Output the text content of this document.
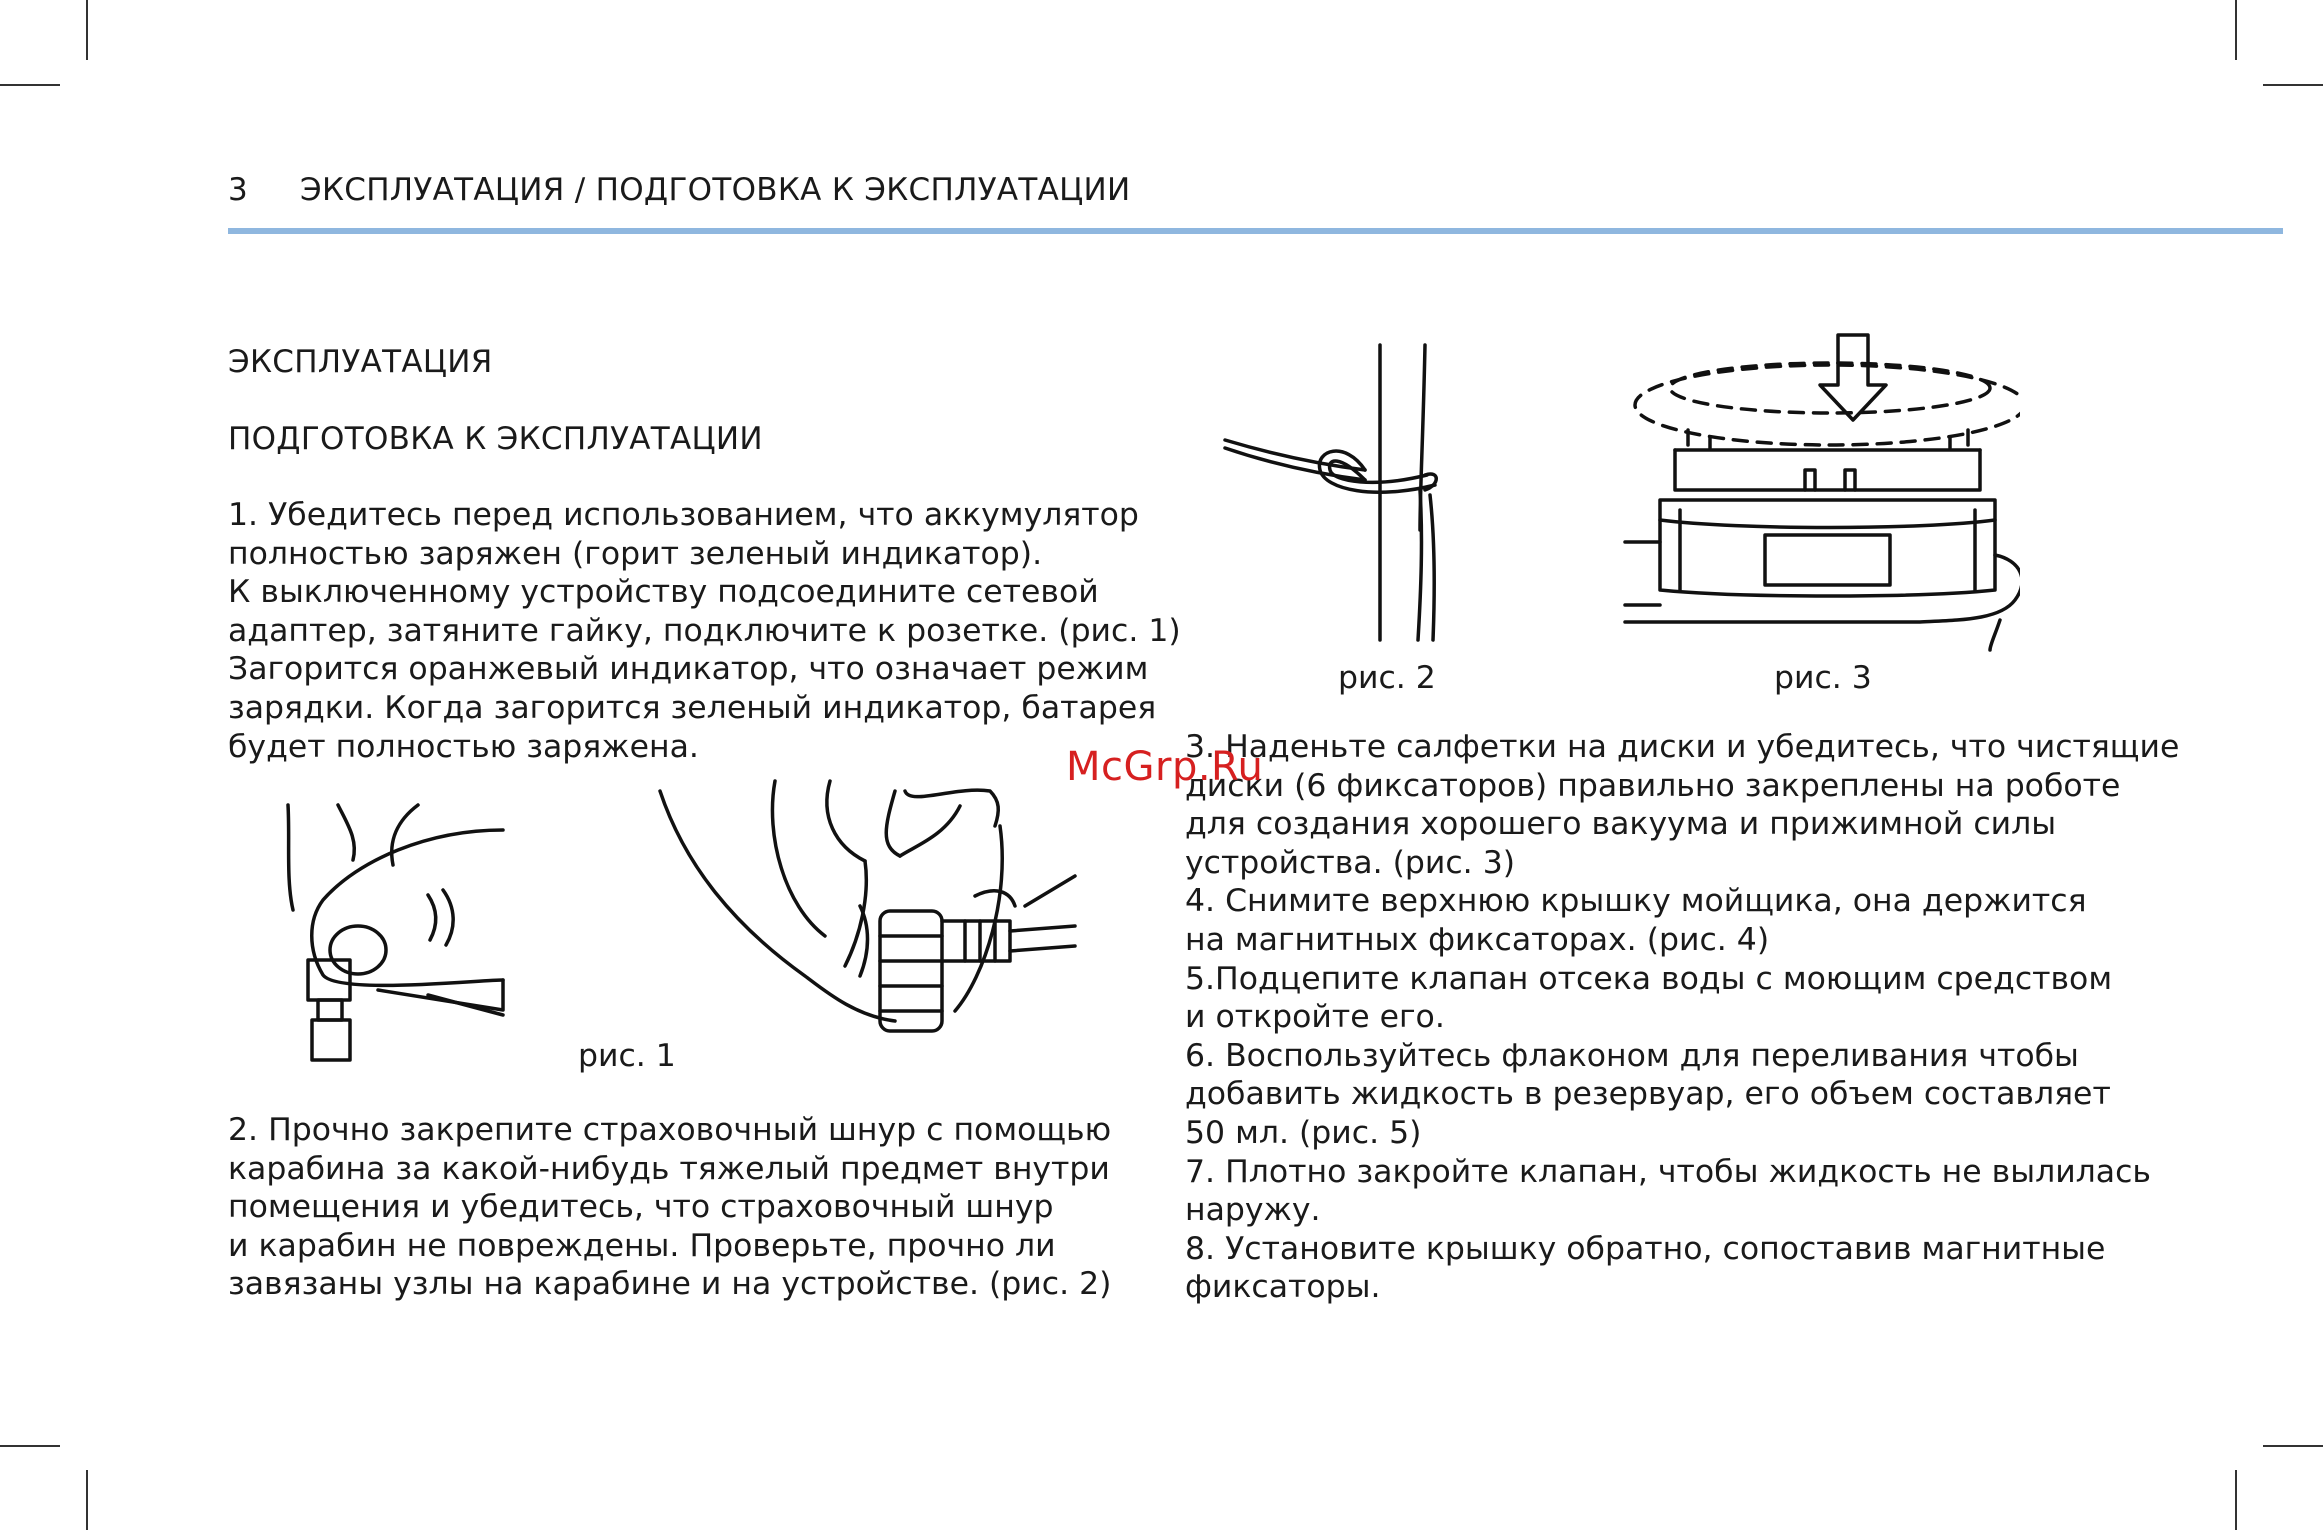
3 ЭКСПЛУАТАЦИЯ / ПОДГОТОВКА К ЭКСПЛУАТАЦИИ
ЭКСПЛУАТАЦИЯ
ПОДГОТОВКА К ЭКСПЛУАТАЦИИ
1. Убедитесь перед использованием, что аккумулятор
полностью заряжен (горит зеленый индикатор).
К выключенному устройству подсоедините сетевой
адаптер, затяните гайку, подключите к розетке. (рис. 1)
Загорится оранжевый индикатор, что означает режим
зарядки. Когда загорится зеленый индикатор, батарея
будет полностью заряжена.
рис. 1
2. Прочно закрепите страховочный шнур с помощью
карабина за какой-нибудь тяжелый предмет внутри
помещения и убедитесь, что страховочный шнур
и карабин не повреждены. Проверьте, прочно ли
завязаны узлы на карабине и на устройстве. (рис. 2)
рис. 2	рис. 3
3. Наденьте салфетки на диски и убедитесь, что чистящие
диски (6 фиксаторов) правильно закреплены на роботе
для создания хорошего вакуума и прижимной силы
устройства. (рис. 3)
4. Снимите верхнюю крышку мойщика, она держится
на магнитных фиксаторах. (рис. 4)
5.Подцепите клапан отсека воды с моющим средством
и откройте его.
6. Воспользуйтесь флаконом для переливания чтобы
добавить жидкость в резервуар, его объем составляет
50 мл. (рис. 5)
7. Плотно закройте клапан, чтобы жидкость не вылилась
наружу.
8. Установите крышку обратно, сопоставив магнитные
фиксаторы.
McGrp.Ru
